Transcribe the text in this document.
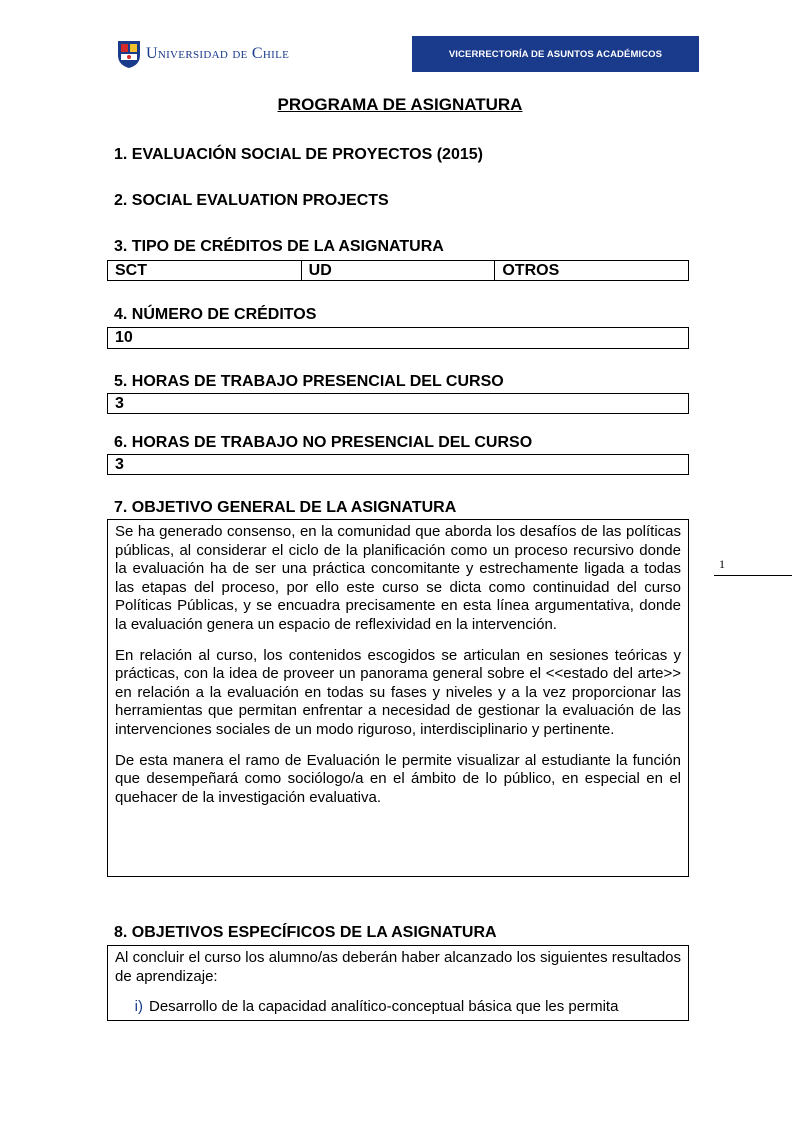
Universidad de Chile	VICERRECTORÍA DE ASUNTOS ACADÉMICOS
PROGRAMA DE ASIGNATURA
1. EVALUACIÓN SOCIAL DE PROYECTOS (2015)
2. SOCIAL EVALUATION PROJECTS
3. TIPO DE CRÉDITOS DE LA ASIGNATURA
SCT	UD	OTROS
4. NÚMERO DE CRÉDITOS
10
5. HORAS DE TRABAJO PRESENCIAL DEL CURSO
3
6. HORAS DE TRABAJO NO PRESENCIAL DEL CURSO
3
7. OBJETIVO GENERAL DE LA ASIGNATURA

Se ha generado consenso, en la comunidad que aborda los desafíos de las políticas públicas, al considerar el ciclo de la planificación como un proceso recursivo donde la evaluación ha de ser una práctica concomitante y estrechamente ligada a todas las etapas del proceso, por ello este curso se dicta como continuidad del curso Políticas Públicas, y se encuadra precisamente en esta línea argumentativa, donde la evaluación genera un espacio de reflexividad en la intervención.

En relación al curso, los contenidos escogidos se articulan en sesiones teóricas y prácticas, con la idea de proveer un panorama general sobre el <<estado del arte>> en relación a la evaluación en todas su fases y niveles y a la vez proporcionar las herramientas que permitan enfrentar a necesidad de gestionar la evaluación de las intervenciones sociales de un modo riguroso, interdisciplinario y pertinente.

De esta manera el ramo de Evaluación le permite visualizar al estudiante la función que desempeñará como sociólogo/a en el ámbito de lo público, en especial en el quehacer de la investigación evaluativa.

1
8. OBJETIVOS ESPECÍFICOS DE LA ASIGNATURA

Al concluir el curso los alumno/as deberán haber alcanzado los siguientes resultados de aprendizaje:

i) Desarrollo de la capacidad analítico-conceptual básica que les permita
